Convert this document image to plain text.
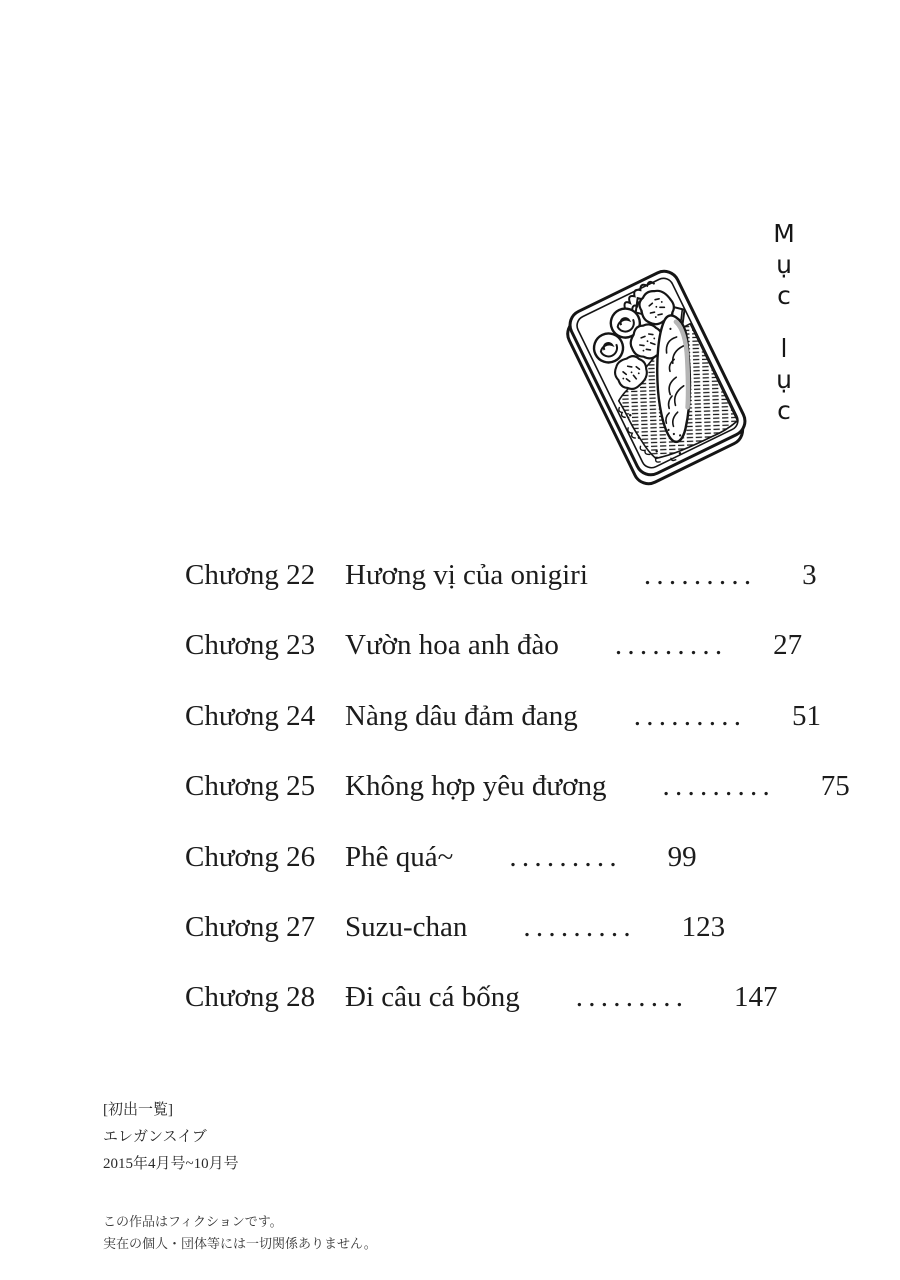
M
ụ
c
l
ụ
c
Chương 22	Hương vị của onigiri . . . . . . . . . 3
Chương 23	Vườn hoa anh đào . . . . . . . . . 27
Chương 24	Nàng dâu đảm đang . . . . . . . . . 51
Chương 25	Không hợp yêu đương . . . . . . . . . 75
Chương 26	Phê quá~ . . . . . . . . . 99
Chương 27	Suzu-chan . . . . . . . . . 123
Chương 28	Đi câu cá bống . . . . . . . . . 147
[初出一覧]
エレガンスイブ
2015年4月号~10月号
この作品はフィクションです。
実在の個人・団体等には一切関係ありません。
